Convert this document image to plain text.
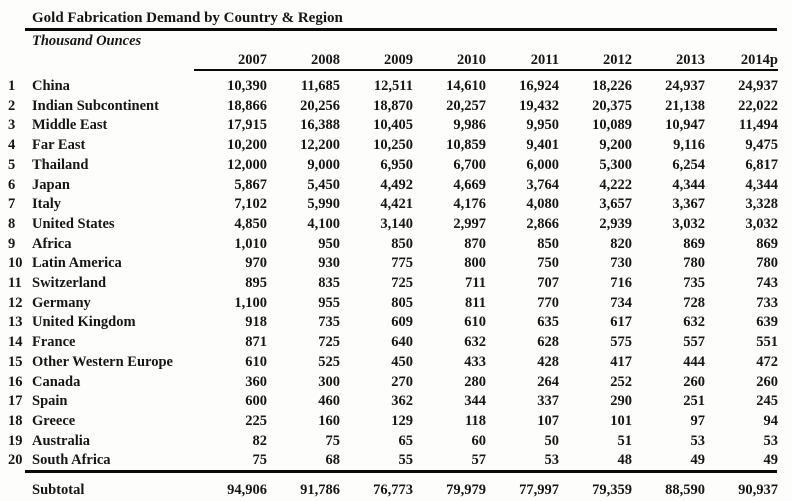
Gold Fabrication Demand by Country & Region
Thousand Ounces
		2007	2008	2009	2010	2011	2012	2013	2014p
1	China	10,390	11,685	12,511	14,610	16,924	18,226	24,937	24,937
2	Indian Subcontinent	18,866	20,256	18,870	20,257	19,432	20,375	21,138	22,022
3	Middle East	17,915	16,388	10,405	9,986	9,950	10,089	10,947	11,494
4	Far East	10,200	12,200	10,250	10,859	9,401	9,200	9,116	9,475
5	Thailand	12,000	9,000	6,950	6,700	6,000	5,300	6,254	6,817
6	Japan	5,867	5,450	4,492	4,669	3,764	4,222	4,344	4,344
7	Italy	7,102	5,990	4,421	4,176	4,080	3,657	3,367	3,328
8	United States	4,850	4,100	3,140	2,997	2,866	2,939	3,032	3,032
9	Africa	1,010	950	850	870	850	820	869	869
10	Latin America	970	930	775	800	750	730	780	780
11	Switzerland	895	835	725	711	707	716	735	743
12	Germany	1,100	955	805	811	770	734	728	733
13	United Kingdom	918	735	609	610	635	617	632	639
14	France	871	725	640	632	628	575	557	551
15	Other Western Europe	610	525	450	433	428	417	444	472
16	Canada	360	300	270	280	264	252	260	260
17	Spain	600	460	362	344	337	290	251	245
18	Greece	225	160	129	118	107	101	97	94
19	Australia	82	75	65	60	50	51	53	53
20	South Africa	75	68	55	57	53	48	49	49
	Subtotal	94,906	91,786	76,773	79,979	77,997	79,359	88,590	90,937
